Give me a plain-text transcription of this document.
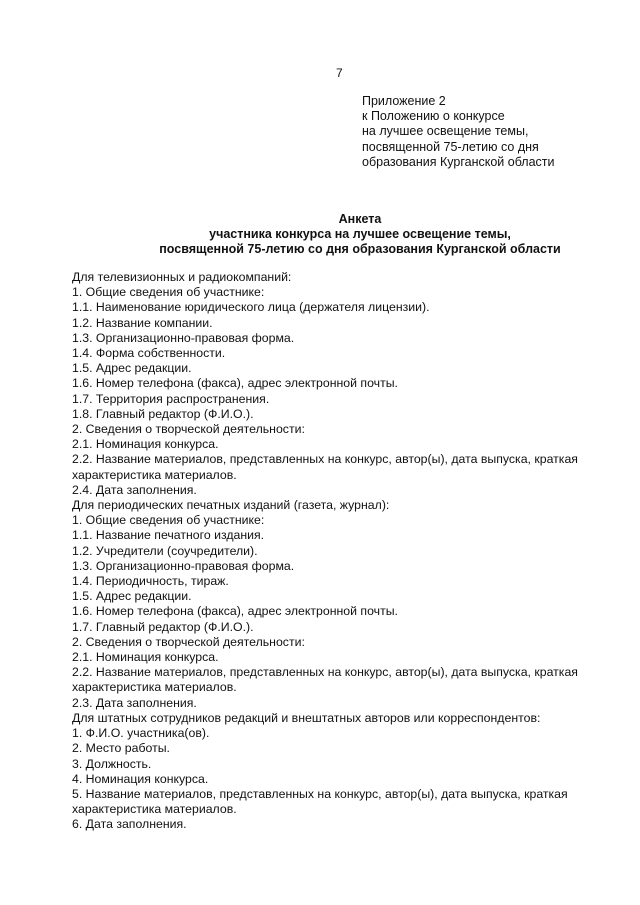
7
Приложение 2
к Положению о конкурсе
на лучшее освещение темы,
посвященной 75-летию со дня
образования Курганской области
Анкета
участника конкурса на лучшее освещение темы,
посвященной 75-летию со дня образования Курганской области
Для телевизионных и радиокомпаний:
1. Общие сведения об участнике:
1.1. Наименование юридического лица (держателя лицензии).
1.2. Название компании.
1.3. Организационно-правовая форма.
1.4. Форма собственности.
1.5. Адрес редакции.
1.6. Номер телефона (факса), адрес электронной почты.
1.7. Территория распространения.
1.8. Главный редактор (Ф.И.О.).
2. Сведения о творческой деятельности:
2.1. Номинация конкурса.
2.2. Название материалов, представленных на конкурс, автор(ы), дата выпуска, краткая
характеристика материалов.
2.4. Дата заполнения.
Для периодических печатных изданий (газета, журнал):
1. Общие сведения об участнике:
1.1. Название печатного издания.
1.2. Учредители (соучредители).
1.3. Организационно-правовая форма.
1.4. Периодичность, тираж.
1.5. Адрес редакции.
1.6. Номер телефона (факса), адрес электронной почты.
1.7. Главный редактор (Ф.И.О.).
2. Сведения о творческой деятельности:
2.1. Номинация конкурса.
2.2. Название материалов, представленных на конкурс, автор(ы), дата выпуска, краткая
характеристика материалов.
2.3. Дата заполнения.
Для штатных сотрудников редакций и внештатных авторов или корреспондентов:
1. Ф.И.О. участника(ов).
2. Место работы.
3. Должность.
4. Номинация конкурса.
5. Название материалов, представленных на конкурс, автор(ы), дата выпуска, краткая
характеристика материалов.
6. Дата заполнения.
